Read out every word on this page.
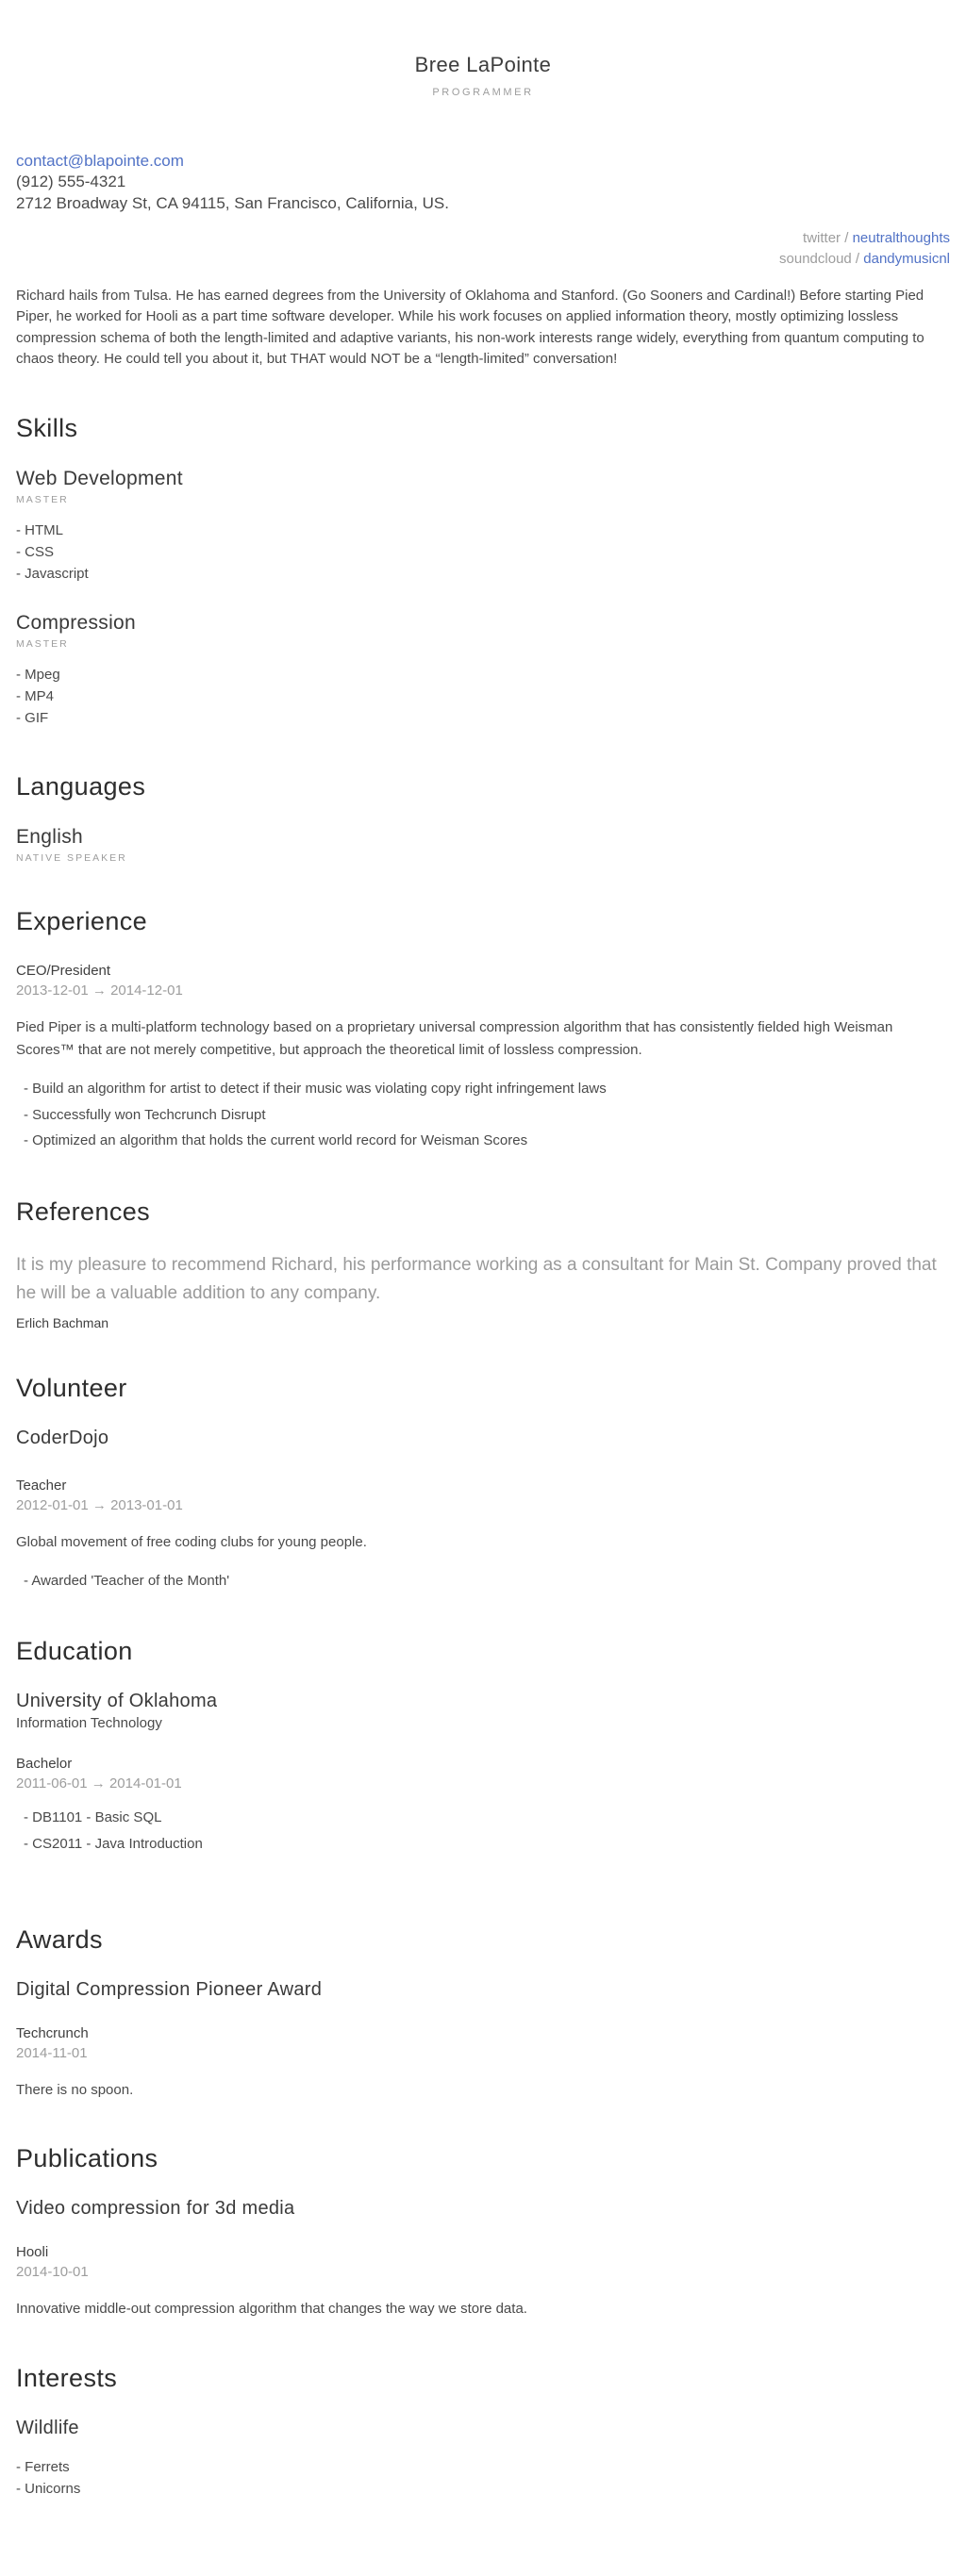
Bree LaPointe
PROGRAMMER
contact@blapointe.com
(912) 555-4321
2712 Broadway St, CA 94115, San Francisco, California, US.
twitter / neutralthoughts
soundcloud / dandymusicnl

Richard hails from Tulsa. He has earned degrees from the University of Oklahoma and Stanford. (Go Sooners and Cardinal!) Before starting Pied Piper, he worked for Hooli as a part time software developer. While his work focuses on applied information theory, mostly optimizing lossless compression schema of both the length-limited and adaptive variants, his non-work interests range widely, everything from quantum computing to chaos theory. He could tell you about it, but THAT would NOT be a “length-limited” conversation!

Skills
Web Development
MASTER
- HTML
- CSS
- Javascript
Compression
MASTER
- Mpeg
- MP4
- GIF
Languages
English
NATIVE SPEAKER
Experience
CEO/President
2013-12-01 → 2014-12-01

Pied Piper is a multi-platform technology based on a proprietary universal compression algorithm that has consistently fielded high Weisman Scores™ that are not merely competitive, but approach the theoretical limit of lossless compression.

- Build an algorithm for artist to detect if their music was violating copy right infringement laws
- Successfully won Techcrunch Disrupt
- Optimized an algorithm that holds the current world record for Weisman Scores
References

It is my pleasure to recommend Richard, his performance working as a consultant for Main St. Company proved that he will be a valuable addition to any company.

Erlich Bachman
Volunteer
CoderDojo
Teacher
2012-01-01 → 2013-01-01

Global movement of free coding clubs for young people.

- Awarded 'Teacher of the Month'
Education
University of Oklahoma
Information Technology
Bachelor
2011-06-01 → 2014-01-01
- DB1101 - Basic SQL
- CS2011 - Java Introduction
Awards
Digital Compression Pioneer Award
Techcrunch
2014-11-01

There is no spoon.

Publications
Video compression for 3d media
Hooli
2014-10-01

Innovative middle-out compression algorithm that changes the way we store data.

Interests
Wildlife
- Ferrets
- Unicorns
